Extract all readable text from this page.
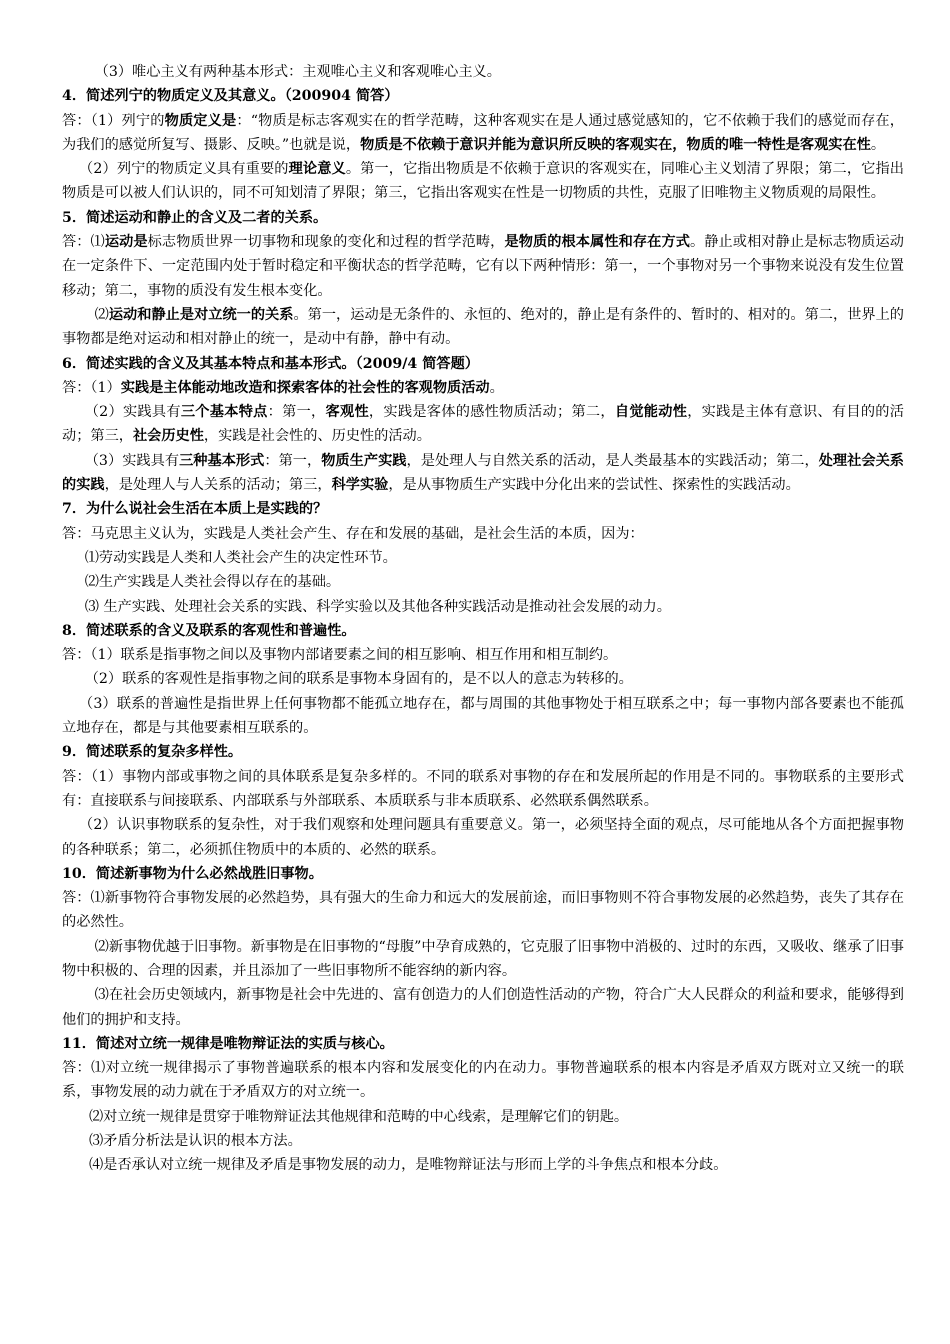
（3）唯心主义有两种基本形式：主观唯心主义和客观唯心主义。

4．简述列宁的物质定义及其意义。（200904 简答）

答：（1）列宁的物质定义是：“物质是标志客观实在的哲学范畴，这种客观实在是人通过感觉感知的，它不依赖于我们的感觉而存在，为我们的感觉所复写、摄影、反映。”也就是说，物质是不依赖于意识并能为意识所反映的客观实在，物质的唯一特性是客观实在性。

（2）列宁的物质定义具有重要的理论意义。第一，它指出物质是不依赖于意识的客观实在，同唯心主义划清了界限；第二，它指出物质是可以被人们认识的，同不可知划清了界限；第三，它指出客观实在性是一切物质的共性，克服了旧唯物主义物质观的局限性。

5．简述运动和静止的含义及二者的关系。

答：⑴运动是标志物质世界一切事物和现象的变化和过程的哲学范畴，是物质的根本属性和存在方式。静止或相对静止是标志物质运动在一定条件下、一定范围内处于暂时稳定和平衡状态的哲学范畴，它有以下两种情形：第一，一个事物对另一个事物来说没有发生位置移动；第二，事物的质没有发生根本变化。

⑵运动和静止是对立统一的关系。第一，运动是无条件的、永恒的、绝对的，静止是有条件的、暂时的、相对的。第二，世界上的事物都是绝对运动和相对静止的统一，是动中有静，静中有动。

6．简述实践的含义及其基本特点和基本形式。（2009/4 简答题）

答：（1）实践是主体能动地改造和探索客体的社会性的客观物质活动。

（2）实践具有三个基本特点：第一，客观性，实践是客体的感性物质活动；第二，自觉能动性，实践是主体有意识、有目的的活动；第三，社会历史性，实践是社会性的、历史性的活动。

（3）实践具有三种基本形式：第一，物质生产实践，是处理人与自然关系的活动，是人类最基本的实践活动；第二，处理社会关系的实践，是处理人与人关系的活动；第三，科学实验，是从事物质生产实践中分化出来的尝试性、探索性的实践活动。

7．为什么说社会生活在本质上是实践的？

答：马克思主义认为，实践是人类社会产生、存在和发展的基础，是社会生活的本质，因为：

⑴劳动实践是人类和人类社会产生的决定性环节。

⑵生产实践是人类社会得以存在的基础。

⑶ 生产实践、处理社会关系的实践、科学实验以及其他各种实践活动是推动社会发展的动力。

8．简述联系的含义及联系的客观性和普遍性。

答：（1）联系是指事物之间以及事物内部诸要素之间的相互影响、相互作用和相互制约。

（2）联系的客观性是指事物之间的联系是事物本身固有的，是不以人的意志为转移的。

（3）联系的普遍性是指世界上任何事物都不能孤立地存在，都与周围的其他事物处于相互联系之中；每一事物内部各要素也不能孤立地存在，都是与其他要素相互联系的。

9．简述联系的复杂多样性。

答：（1）事物内部或事物之间的具体联系是复杂多样的。不同的联系对事物的存在和发展所起的作用是不同的。事物联系的主要形式有：直接联系与间接联系、内部联系与外部联系、本质联系与非本质联系、必然联系偶然联系。

（2）认识事物联系的复杂性，对于我们观察和处理问题具有重要意义。第一，必须坚持全面的观点，尽可能地从各个方面把握事物的各种联系；第二，必须抓住物质中的本质的、必然的联系。

10．简述新事物为什么必然战胜旧事物。

答：⑴新事物符合事物发展的必然趋势，具有强大的生命力和远大的发展前途，而旧事物则不符合事物发展的必然趋势，丧失了其存在的必然性。

⑵新事物优越于旧事物。新事物是在旧事物的“母腹”中孕育成熟的，它克服了旧事物中消极的、过时的东西，又吸收、继承了旧事物中积极的、合理的因素，并且添加了一些旧事物所不能容纳的新内容。

⑶在社会历史领域内，新事物是社会中先进的、富有创造力的人们创造性活动的产物，符合广大人民群众的利益和要求，能够得到他们的拥护和支持。

11．简述对立统一规律是唯物辩证法的实质与核心。

答：⑴对立统一规律揭示了事物普遍联系的根本内容和发展变化的内在动力。事物普遍联系的根本内容是矛盾双方既对立又统一的联系，事物发展的动力就在于矛盾双方的对立统一。

⑵对立统一规律是贯穿于唯物辩证法其他规律和范畴的中心线索，是理解它们的钥匙。

⑶矛盾分析法是认识的根本方法。

⑷是否承认对立统一规律及矛盾是事物发展的动力，是唯物辩证法与形而上学的斗争焦点和根本分歧。
